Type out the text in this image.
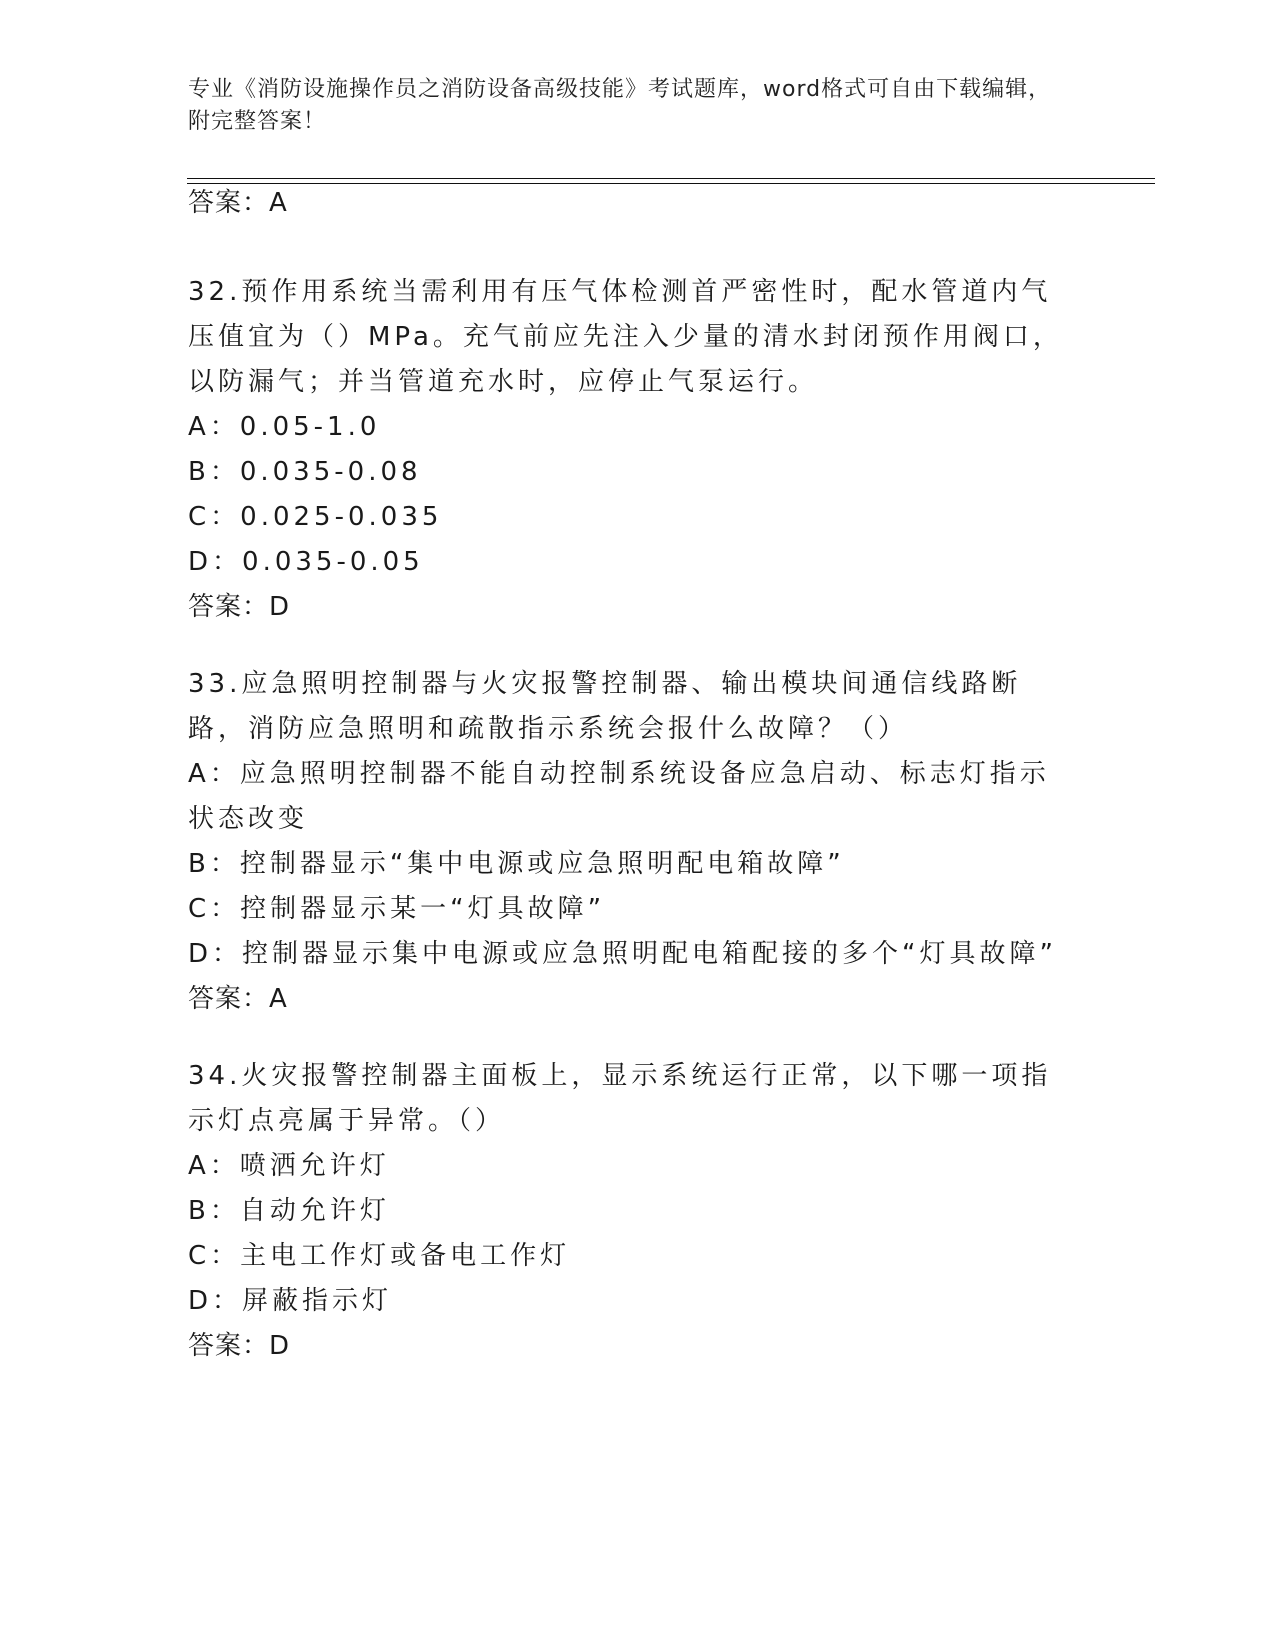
专业《消防设施操作员之消防设备高级技能》考试题库，word格式可自由下载编辑，附完整答案！
答案：A

32.预作用系统当需利用有压气体检测首严密性时，配水管道内气压值宜为（）MPa。充气前应先注入少量的清水封闭预作用阀口，以防漏气；并当管道充水时，应停止气泵运行。

A：0.05-1.0

B：0.035-0.08

C：0.025-0.035

D：0.035-0.05

答案：D

33.应急照明控制器与火灾报警控制器、输出模块间通信线路断路，消防应急照明和疏散指示系统会报什么故障？（）

A：应急照明控制器不能自动控制系统设备应急启动、标志灯指示状态改变

B：控制器显示“集中电源或应急照明配电箱故障”

C：控制器显示某一“灯具故障”

D：控制器显示集中电源或应急照明配电箱配接的多个“灯具故障”

答案：A

34.火灾报警控制器主面板上，显示系统运行正常，以下哪一项指示灯点亮属于异常。（）

A：喷洒允许灯

B：自动允许灯

C：主电工作灯或备电工作灯

D：屏蔽指示灯

答案：D
